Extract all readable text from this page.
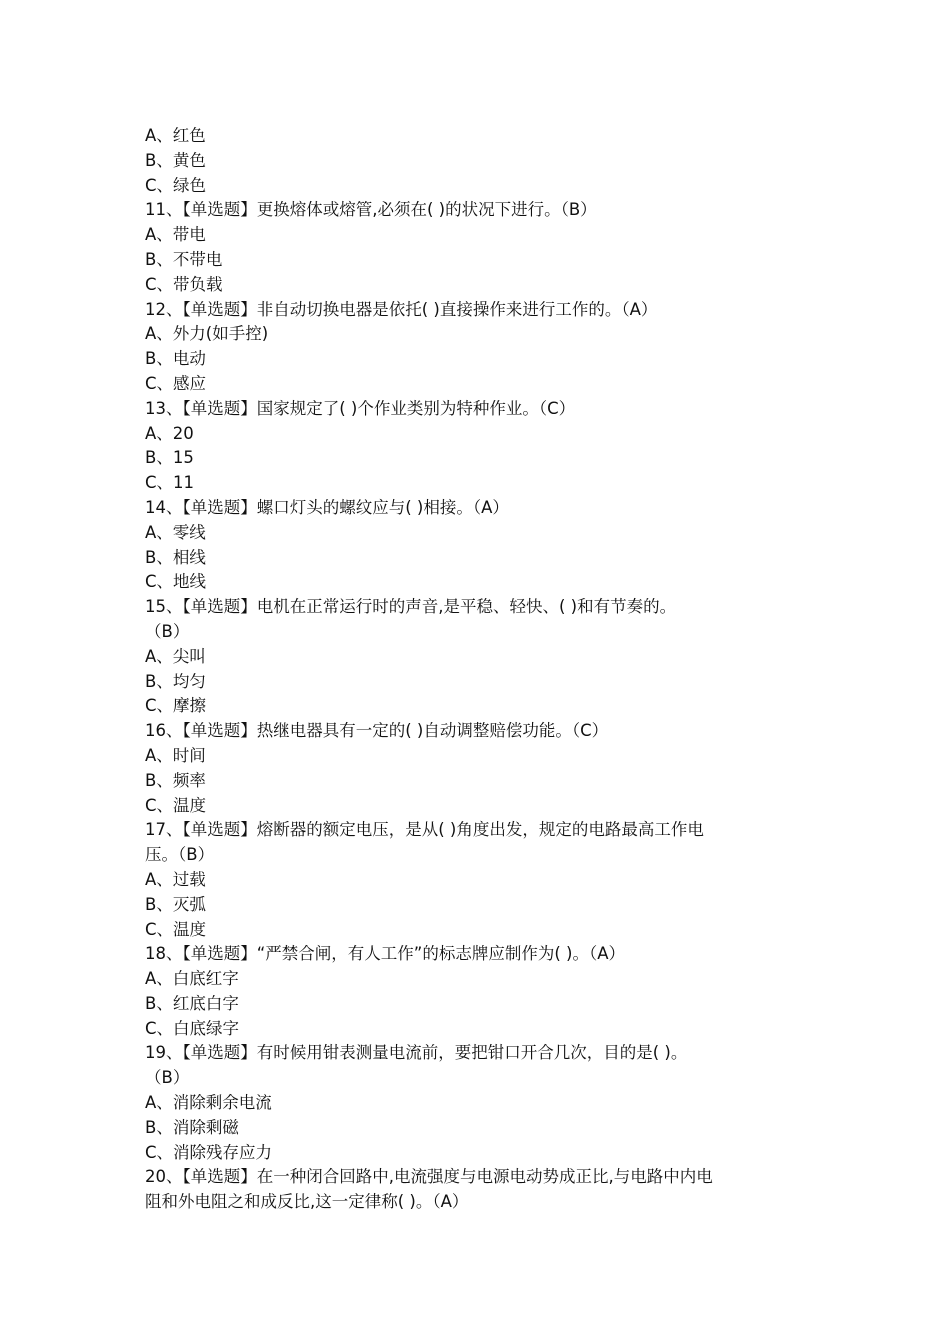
A、红色
B、黄色
C、绿色
11、【单选题】更换熔体或熔管,必须在( )的状况下进行。（B）
A、带电
B、不带电
C、带负载
12、【单选题】非自动切换电器是依托( )直接操作来进行工作的。（A）
A、外力(如手控)
B、电动
C、感应
13、【单选题】国家规定了( )个作业类别为特种作业。（C）
A、20
B、15
C、11
14、【单选题】螺口灯头的螺纹应与( )相接。（A）
A、零线
B、相线
C、地线
15、【单选题】电机在正常运行时的声音,是平稳、轻快、( )和有节奏的。
（B）
A、尖叫
B、均匀
C、摩擦
16、【单选题】热继电器具有一定的( )自动调整赔偿功能。（C）
A、时间
B、频率
C、温度
17、【单选题】熔断器的额定电压，是从( )角度出发，规定的电路最高工作电
压。（B）
A、过载
B、灭弧
C、温度
18、【单选题】“严禁合闸，有人工作”的标志牌应制作为( )。（A）
A、白底红字
B、红底白字
C、白底绿字
19、【单选题】有时候用钳表测量电流前，要把钳口开合几次，目的是( )。
（B）
A、消除剩余电流
B、消除剩磁
C、消除残存应力
20、【单选题】在一种闭合回路中,电流强度与电源电动势成正比,与电路中内电
阻和外电阻之和成反比,这一定律称( )。（A）
